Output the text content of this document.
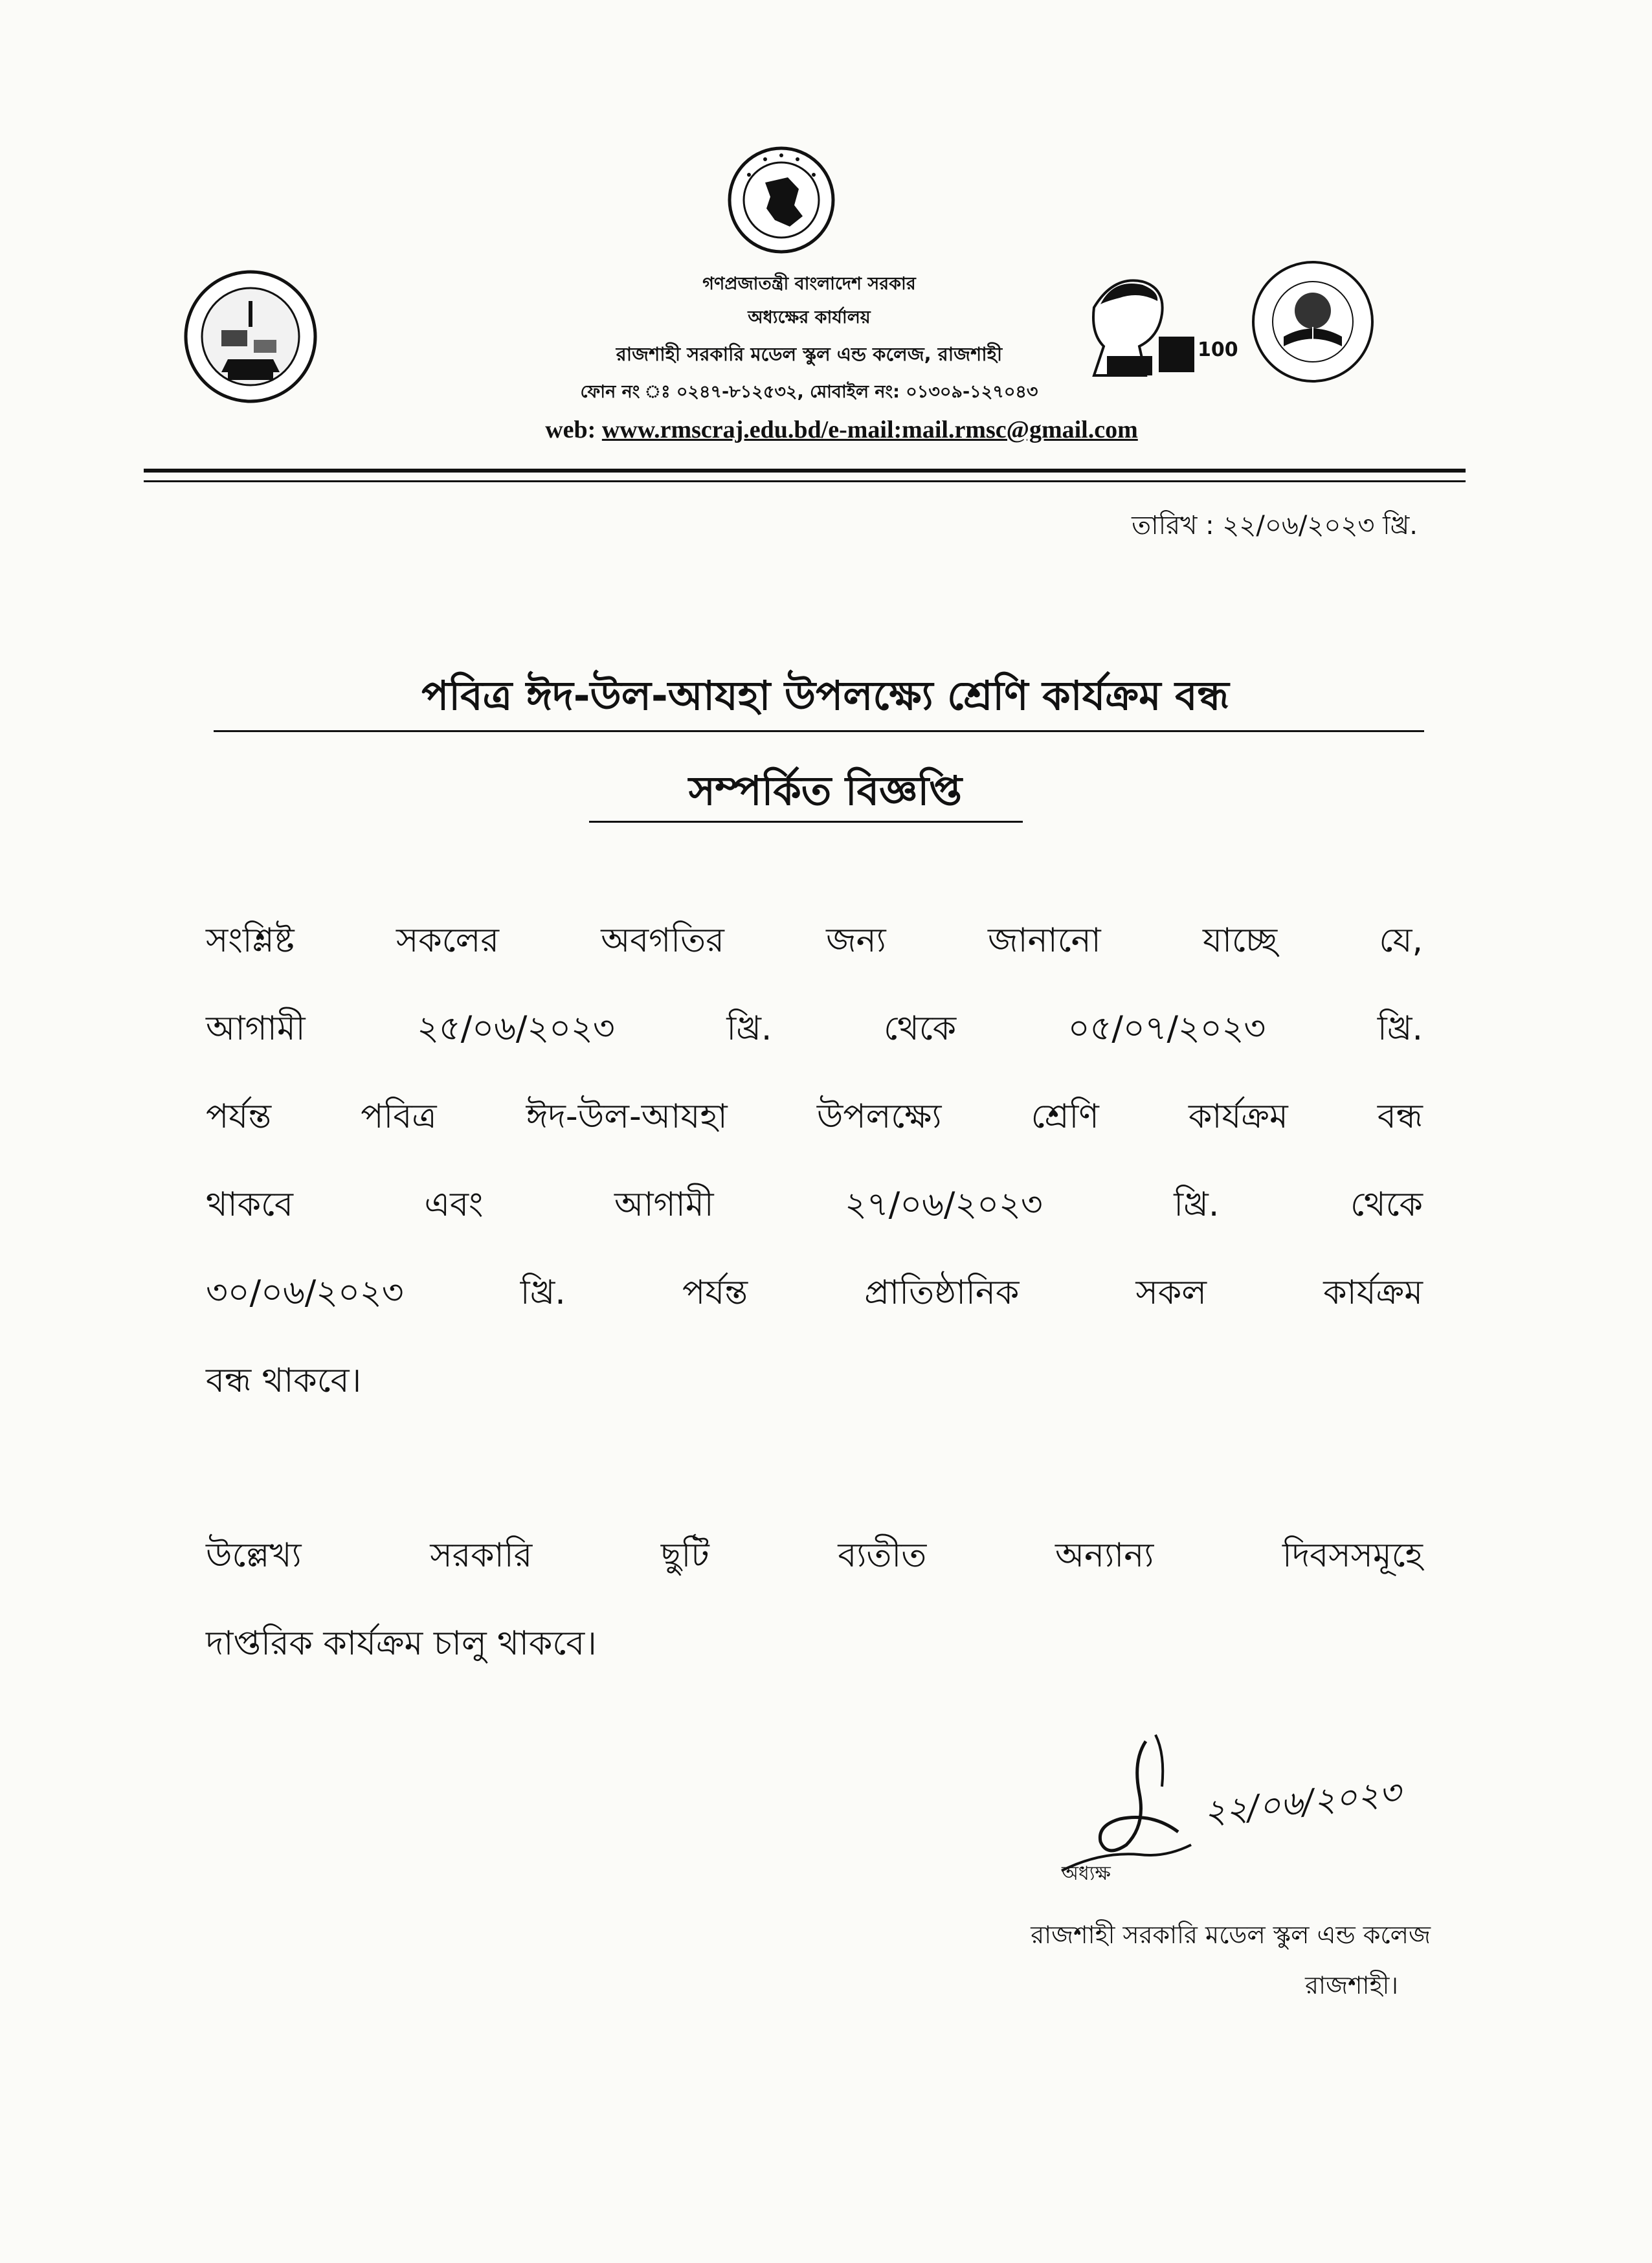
100
গণপ্রজাতন্ত্রী বাংলাদেশ সরকার
অধ্যক্ষের কার্যালয়
রাজশাহী সরকারি মডেল স্কুল এন্ড কলেজ, রাজশাহী
ফোন নং ঃ ০২৪৭-৮১২৫৩২, মোবাইল নং: ০১৩০৯-১২৭০৪৩
web: www.rmscraj.edu.bd/e-mail:mail.rmsc@gmail.com
তারিখ : ২২/০৬/২০২৩ খ্রি.
পবিত্র ঈদ-উল-আযহা উপলক্ষ্যে শ্রেণি কার্যক্রম বন্ধ
সম্পর্কিত বিজ্ঞপ্তি
সংশ্লিষ্ট সকলের অবগতির জন্য জানানো যাচ্ছে যে,
আগামী ২৫/০৬/২০২৩ খ্রি. থেকে ০৫/০৭/২০২৩ খ্রি.
পর্যন্ত পবিত্র ঈদ-উল-আযহা উপলক্ষ্যে শ্রেণি কার্যক্রম বন্ধ
থাকবে এবং আগামী ২৭/০৬/২০২৩ খ্রি. থেকে
৩০/০৬/২০২৩ খ্রি. পর্যন্ত প্রাতিষ্ঠানিক সকল কার্যক্রম
বন্ধ থাকবে।
উল্লেখ্য সরকারি ছুটি ব্যতীত অন্যান্য দিবসসমূহে
দাপ্তরিক কার্যক্রম চালু থাকবে।
২২/০৬/২০২৩
অধ্যক্ষ
রাজশাহী সরকারি মডেল স্কুল এন্ড কলেজ
রাজশাহী।
